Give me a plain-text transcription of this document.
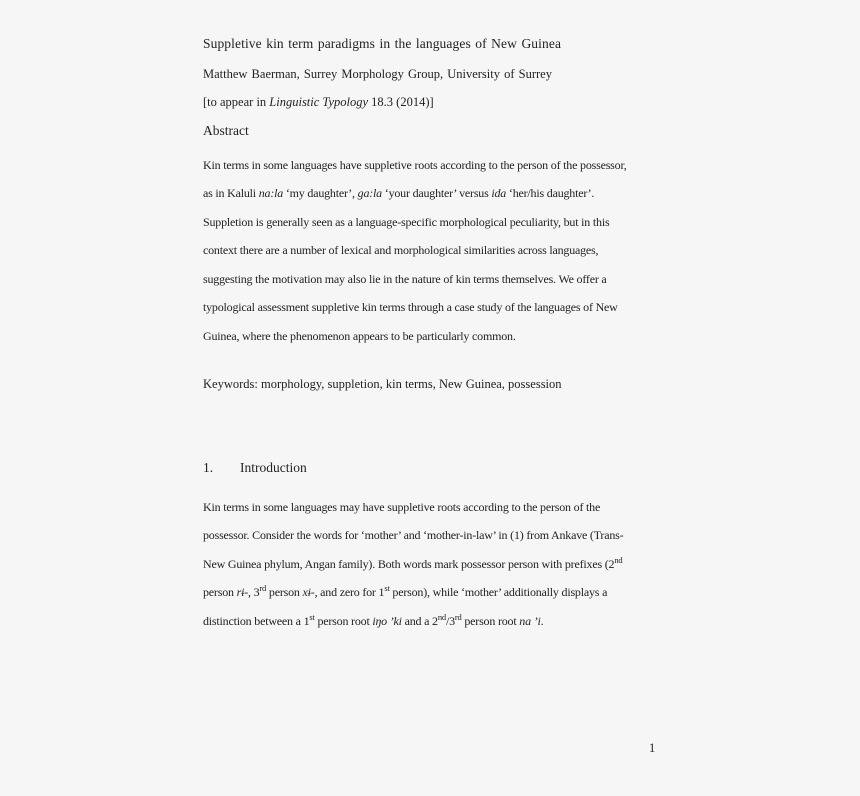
Suppletive kin term paradigms in the languages of New Guinea
Matthew Baerman, Surrey Morphology Group, University of Surrey
[to appear in Linguistic Typology 18.3 (2014)]
Abstract
Kin terms in some languages have suppletive roots according to the person of the possessor,
as in Kaluli na:la ‘my daughter’, ga:la ‘your daughter’ versus ida ‘her/his daughter’.
Suppletion is generally seen as a language-specific morphological peculiarity, but in this
context there are a number of lexical and morphological similarities across languages,
suggesting the motivation may also lie in the nature of kin terms themselves. We offer a
typological assessment suppletive kin terms through a case study of the languages of New
Guinea, where the phenomenon appears to be particularly common.
Keywords: morphology, suppletion, kin terms, New Guinea, possession
1. Introduction
Kin terms in some languages may have suppletive roots according to the person of the
possessor. Consider the words for ‘mother’ and ‘mother-in-law’ in (1) from Ankave (Trans-
New Guinea phylum, Angan family). Both words mark possessor person with prefixes (2nd
person rɨ-, 3rd person xɨ-, and zero for 1st person), while ‘mother’ additionally displays a
distinction between a 1st person root iŋo ’ki and a 2nd/3rd person root na ’i.
1
